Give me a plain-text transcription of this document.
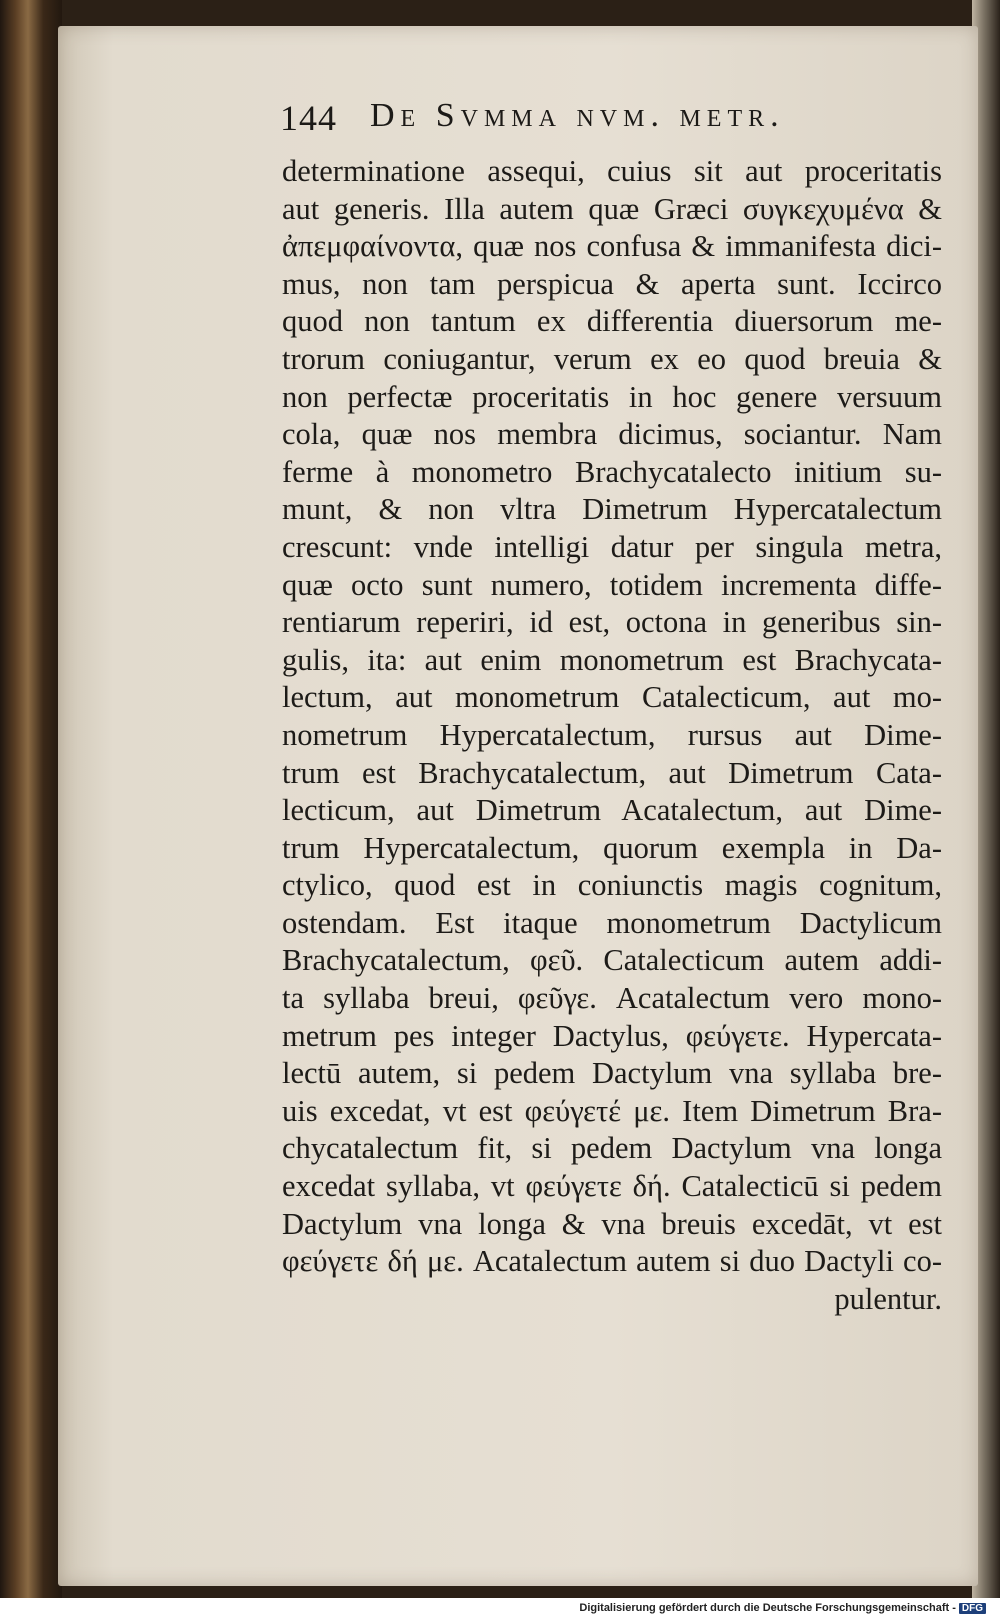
144 De Svmma nvm. metr.
determinatione assequi, cuius sit aut proceritatis
aut generis. Illa autem quæ Græci συγκεχυμένα &
ἀπεμφαίνοντα, quæ nos confusa & immanifesta dici-
mus, non tam perspicua & aperta sunt. Iccirco
quod non tantum ex differentia diuersorum me-
trorum coniugantur, verum ex eo quod breuia &
non perfectæ proceritatis in hoc genere versuum
cola, quæ nos membra dicimus, sociantur. Nam
ferme à monometro Brachycatalecto initium su-
munt, & non vltra Dimetrum Hypercatalectum
crescunt: vnde intelligi datur per singula metra,
quæ octo sunt numero, totidem incrementa diffe-
rentiarum reperiri, id est, octona in generibus sin-
gulis, ita: aut enim monometrum est Brachycata-
lectum, aut monometrum Catalecticum, aut mo-
nometrum Hypercatalectum, rursus aut Dime-
trum est Brachycatalectum, aut Dimetrum Cata-
lecticum, aut Dimetrum Acatalectum, aut Dime-
trum Hypercatalectum, quorum exempla in Da-
ctylico, quod est in coniunctis magis cognitum,
ostendam. Est itaque monometrum Dactylicum
Brachycatalectum, φεῦ. Catalecticum autem addi-
ta syllaba breui, φεῦγε. Acatalectum vero mono-
metrum pes integer Dactylus, φεύγετε. Hypercata-
lectū autem, si pedem Dactylum vna syllaba bre-
uis excedat, vt est φεύγετέ με. Item Dimetrum Bra-
chycatalectum fit, si pedem Dactylum vna longa
excedat syllaba, vt φεύγετε δή. Catalecticū si pedem
Dactylum vna longa & vna breuis excedāt, vt est
φεύγετε δή με. Acatalectum autem si duo Dactyli co-
pulentur.
Digitalisierung gefördert durch die Deutsche Forschungsgemeinschaft - DFG
